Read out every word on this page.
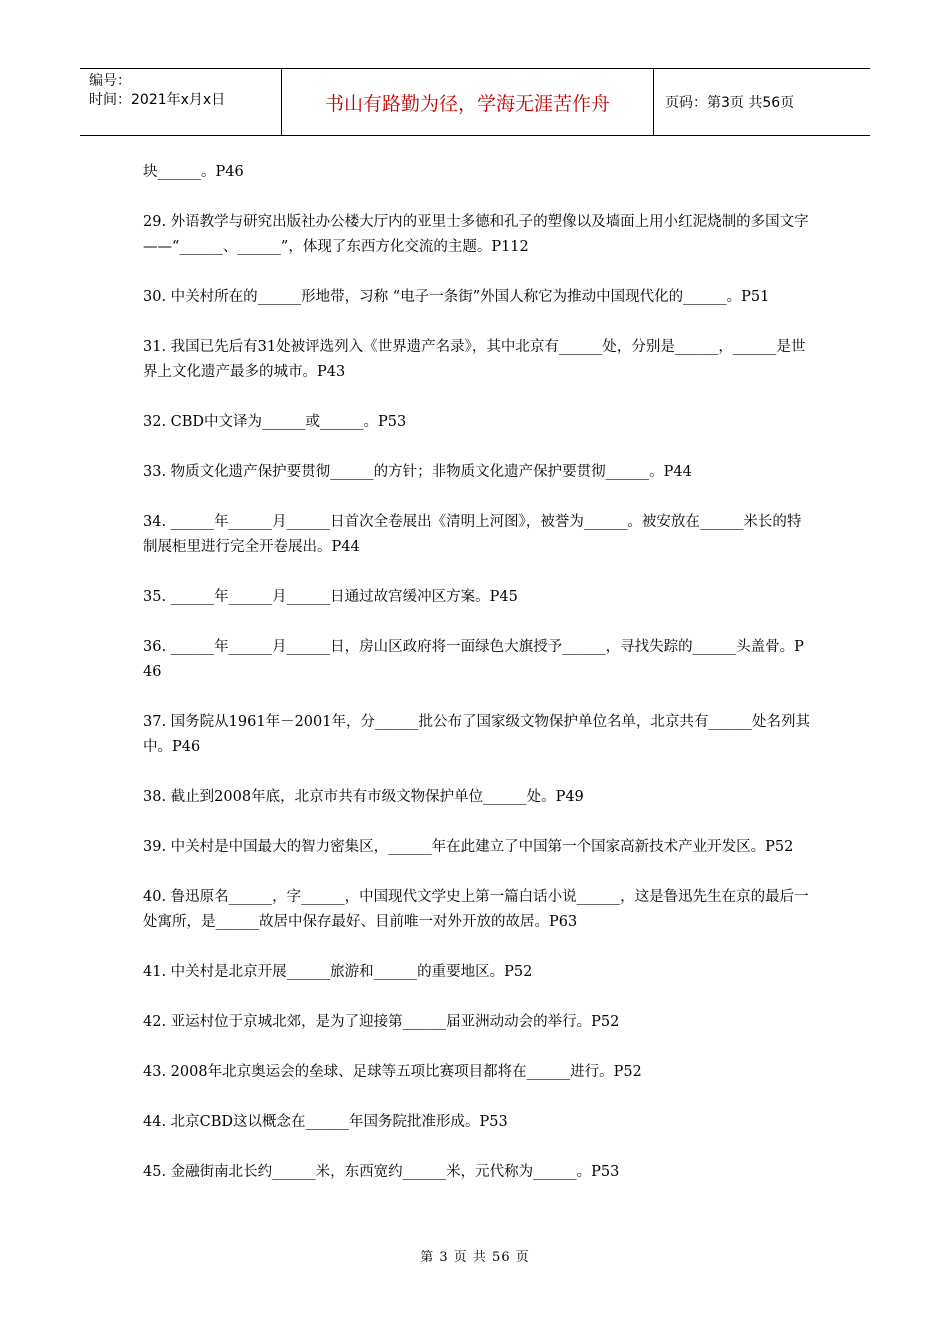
编号：
时间：2021年x月x日	书山有路勤为径，学海无涯苦作舟	页码：第3页 共56页

块______。P46

29. 外语教学与研究出版社办公楼大厅内的亚里士多德和孔子的塑像以及墙面上用小红泥烧制的多国文字——“______、______”，体现了东西方化交流的主题。P112

30. 中关村所在的______形地带，习称 “电子一条街”外国人称它为推动中国现代化的______。P51

31. 我国已先后有31处被评选列入《世界遗产名录》，其中北京有______处，分别是______，______是世界上文化遗产最多的城市。P43

32. CBD中文译为______或______。P53

33. 物质文化遗产保护要贯彻______的方针；非物质文化遗产保护要贯彻______。P44

34. ______年______月______日首次全卷展出《清明上河图》，被誉为______。被安放在______米长的特制展柜里进行完全开卷展出。P44

35. ______年______月______日通过故宫缓冲区方案。P45

36. ______年______月______日，房山区政府将一面绿色大旗授予______，寻找失踪的______头盖骨。P46

37. 国务院从1961年－2001年，分______批公布了国家级文物保护单位名单，北京共有______处名列其中。P46

38. 截止到2008年底，北京市共有市级文物保护单位______处。P49

39. 中关村是中国最大的智力密集区，______年在此建立了中国第一个国家高新技术产业开发区。P52

40. 鲁迅原名______，字______，中国现代文学史上第一篇白话小说______，这是鲁迅先生在京的最后一处寓所，是______故居中保存最好、目前唯一对外开放的故居。P63

41. 中关村是北京开展______旅游和______的重要地区。P52

42. 亚运村位于京城北郊，是为了迎接第______届亚洲动动会的举行。P52

43. 2008年北京奥运会的垒球、足球等五项比赛项目都将在______进行。P52

44. 北京CBD这以概念在______年国务院批准形成。P53

45. 金融街南北长约______米，东西宽约______米，元代称为______。P53

第 3 页 共 56 页
